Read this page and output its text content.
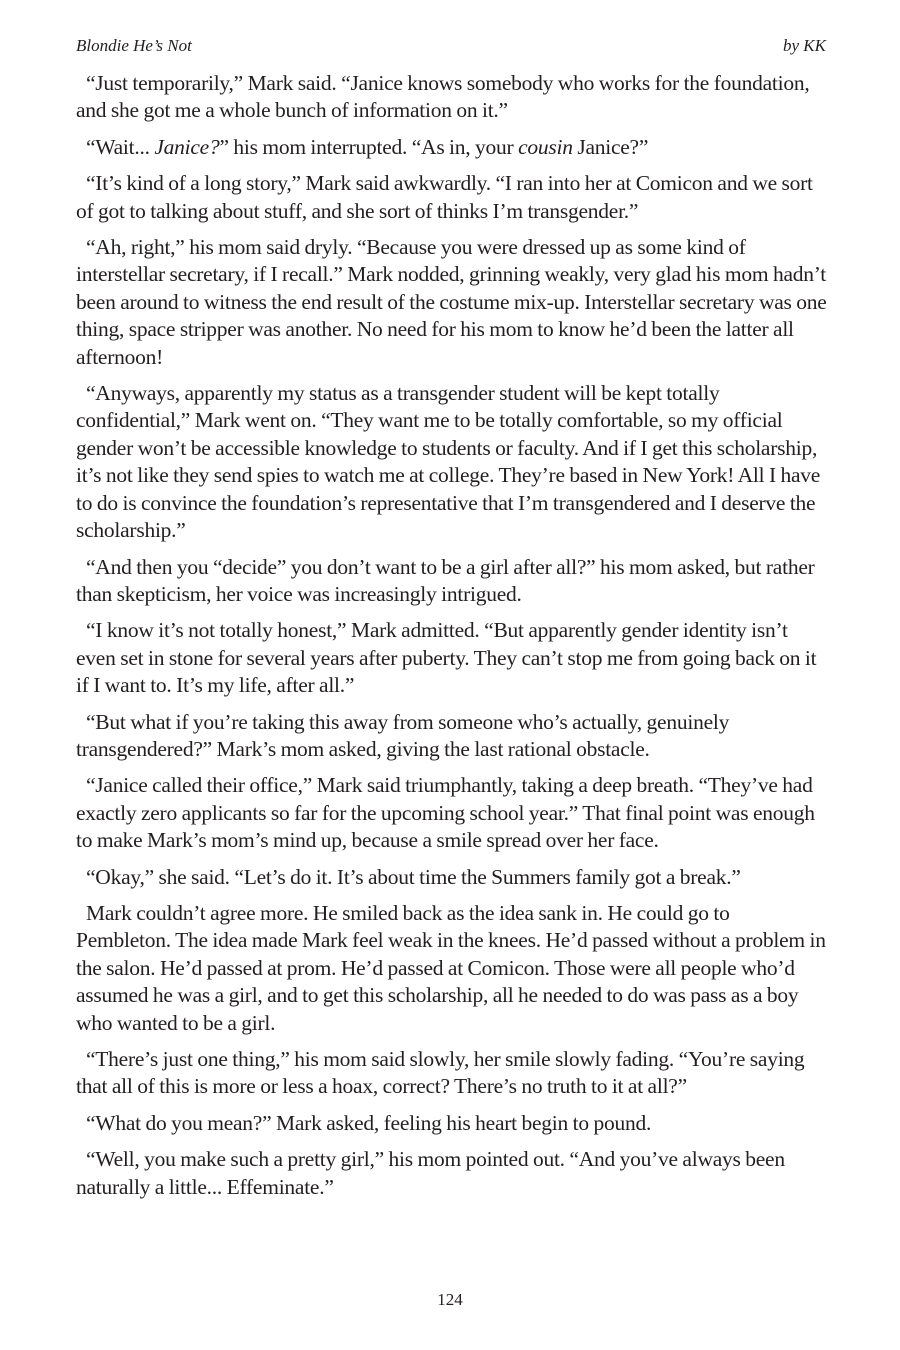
Blondie He’s Not	by KK

“Just temporarily,” Mark said. “Janice knows somebody who works for the foundation, and she got me a whole bunch of information on it.”

“Wait... Janice?” his mom interrupted. “As in, your cousin Janice?”

“It’s kind of a long story,” Mark said awkwardly. “I ran into her at Comicon and we sort of got to talking about stuff, and she sort of thinks I’m transgender.”

“Ah, right,” his mom said dryly. “Because you were dressed up as some kind of interstellar secretary, if I recall.” Mark nodded, grinning weakly, very glad his mom hadn’t been around to witness the end result of the costume mix-up. Interstellar secretary was one thing, space stripper was another. No need for his mom to know he’d been the latter all afternoon!

“Anyways, apparently my status as a transgender student will be kept totally confidential,” Mark went on. “They want me to be totally comfortable, so my official gender won’t be accessible knowledge to students or faculty. And if I get this scholarship, it’s not like they send spies to watch me at college. They’re based in New York! All I have to do is convince the foundation’s representative that I’m transgendered and I deserve the scholarship.”

“And then you “decide” you don’t want to be a girl after all?” his mom asked, but rather than skepticism, her voice was increasingly intrigued.

“I know it’s not totally honest,” Mark admitted. “But apparently gender identity isn’t even set in stone for several years after puberty. They can’t stop me from going back on it if I want to. It’s my life, after all.”

“But what if you’re taking this away from someone who’s actually, genuinely transgendered?” Mark’s mom asked, giving the last rational obstacle.

“Janice called their office,” Mark said triumphantly, taking a deep breath. “They’ve had exactly zero applicants so far for the upcoming school year.” That final point was enough to make Mark’s mom’s mind up, because a smile spread over her face.

“Okay,” she said. “Let’s do it. It’s about time the Summers family got a break.”

Mark couldn’t agree more. He smiled back as the idea sank in. He could go to Pembleton. The idea made Mark feel weak in the knees. He’d passed without a problem in the salon. He’d passed at prom. He’d passed at Comicon. Those were all people who’d assumed he was a girl, and to get this scholarship, all he needed to do was pass as a boy who wanted to be a girl.

“There’s just one thing,” his mom said slowly, her smile slowly fading. “You’re saying that all of this is more or less a hoax, correct? There’s no truth to it at all?”

“What do you mean?” Mark asked, feeling his heart begin to pound.

“Well, you make such a pretty girl,” his mom pointed out. “And you’ve always been naturally a little... Effeminate.”

124
